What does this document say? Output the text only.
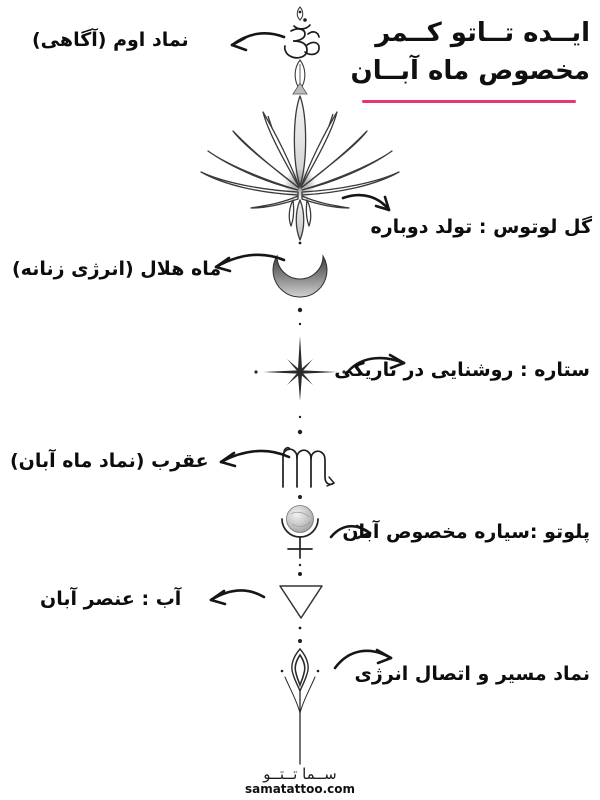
ایــده تــاتو کــمر
مخصوص ماه آبــان
نماد اوم (آگاهی)
گل لوتوس : تولد دوباره
ماه هلال (انرژی زنانه)
ستاره : روشنایی در تاریکی
عقرب (نماد ماه آبان)
پلوتو :سیاره مخصوص آبان
آب : عنصر آبان
نماد مسیر و اتصال انرژی
ســما تــتــو
samatattoo.com
